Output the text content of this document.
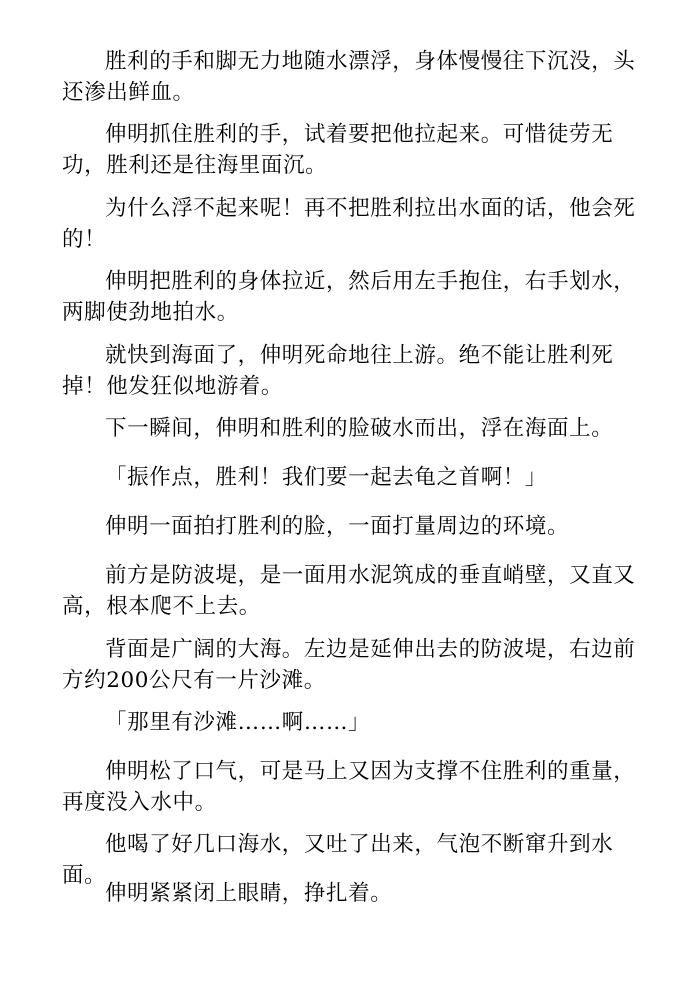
胜利的手和脚无力地随水漂浮，身体慢慢往下沉没，头还渗出鲜血。

伸明抓住胜利的手，试着要把他拉起来。可惜徒劳无功，胜利还是往海里面沉。

为什么浮不起来呢！再不把胜利拉出水面的话，他会死的！

伸明把胜利的身体拉近，然后用左手抱住，右手划水，两脚使劲地拍水。

就快到海面了，伸明死命地往上游。绝不能让胜利死掉！他发狂似地游着。

下一瞬间，伸明和胜利的脸破水而出，浮在海面上。

「振作点，胜利！我们要一起去龟之首啊！」

伸明一面拍打胜利的脸，一面打量周边的环境。

前方是防波堤，是一面用水泥筑成的垂直峭壁，又直又高，根本爬不上去。

背面是广阔的大海。左边是延伸出去的防波堤，右边前方约200公尺有一片沙滩。

「那里有沙滩……啊……」

伸明松了口气，可是马上又因为支撑不住胜利的重量，再度没入水中。

他喝了好几口海水，又吐了出来，气泡不断窜升到水面。

伸明紧紧闭上眼睛，挣扎着。
